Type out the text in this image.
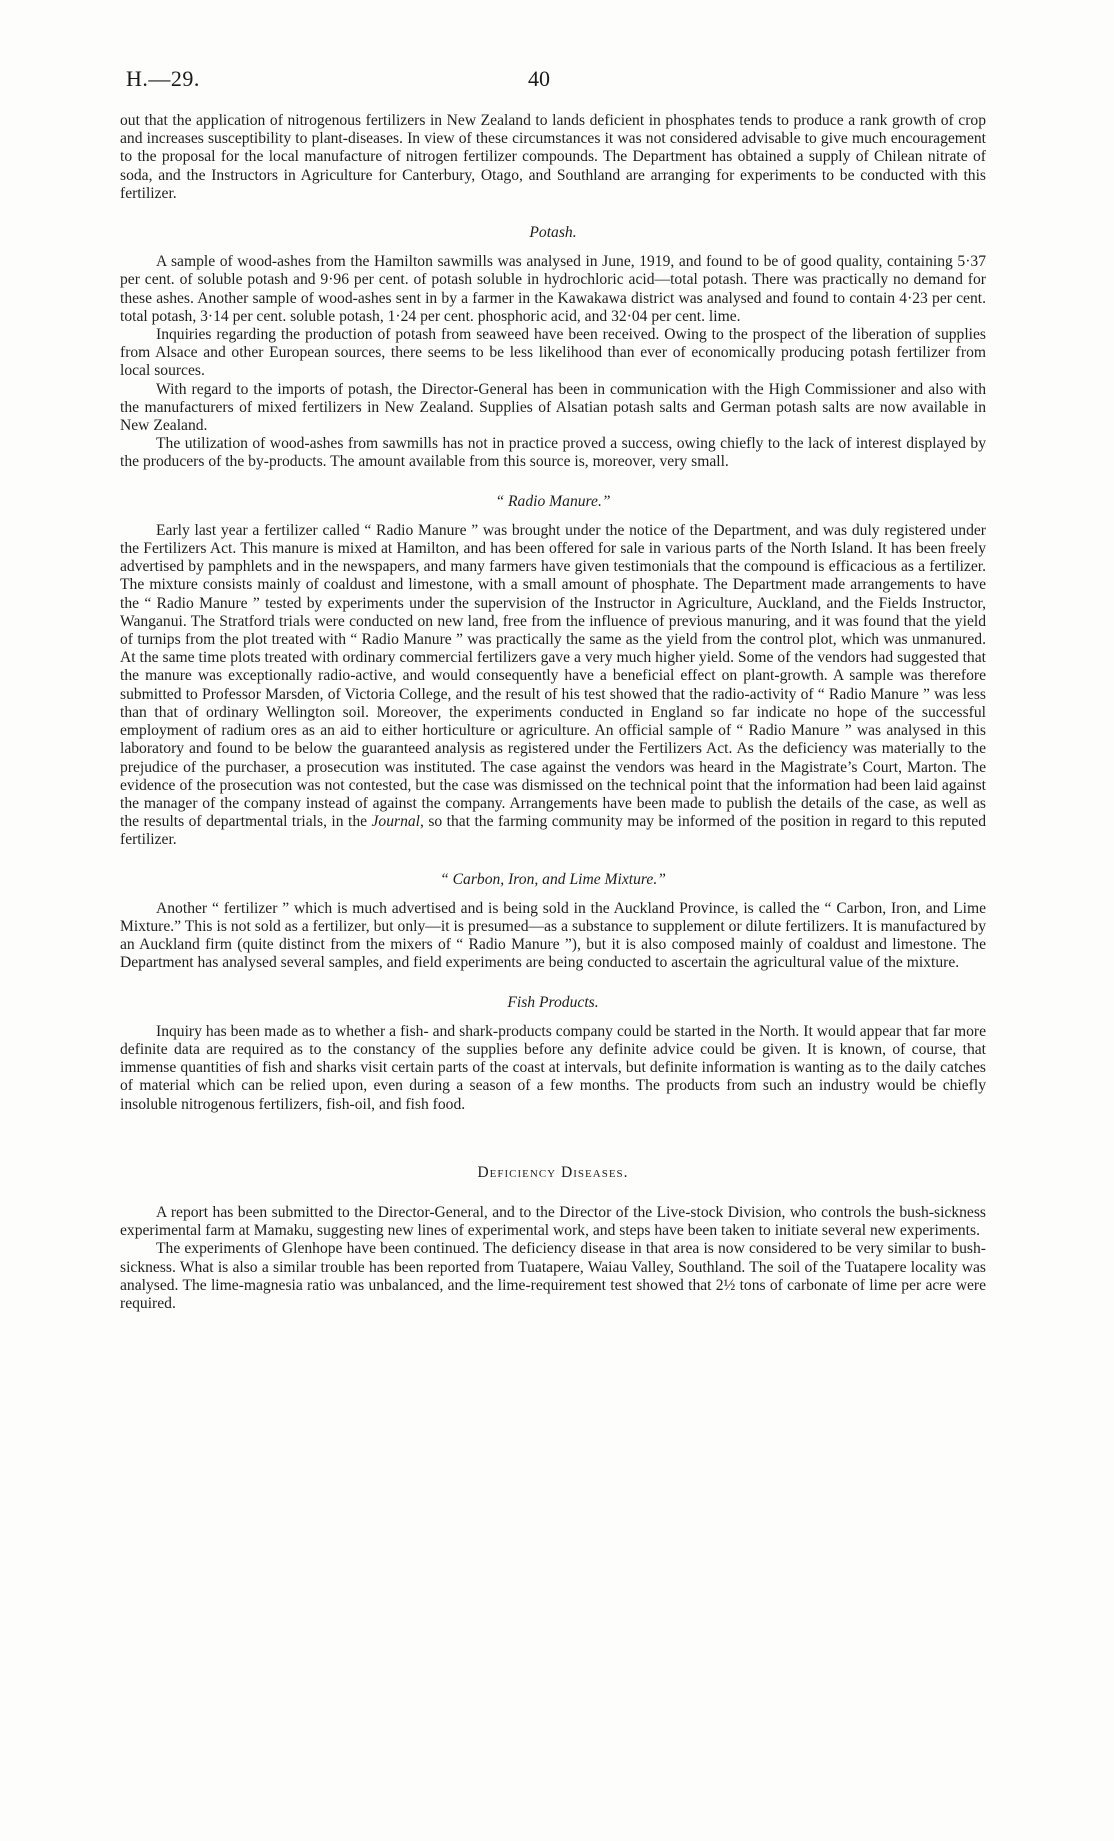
H.—29.	40

out that the application of nitrogenous fertilizers in New Zealand to lands deficient in phosphates tends to produce a rank growth of crop and increases susceptibility to plant-diseases. In view of these circumstances it was not considered advisable to give much encouragement to the proposal for the local manufacture of nitrogen fertilizer compounds. The Department has obtained a supply of Chilean nitrate of soda, and the Instructors in Agriculture for Canterbury, Otago, and Southland are arranging for experiments to be conducted with this fertilizer.

Potash.

A sample of wood-ashes from the Hamilton sawmills was analysed in June, 1919, and found to be of good quality, containing 5·37 per cent. of soluble potash and 9·96 per cent. of potash soluble in hydrochloric acid—total potash. There was practically no demand for these ashes. Another sample of wood-ashes sent in by a farmer in the Kawakawa district was analysed and found to contain 4·23 per cent. total potash, 3·14 per cent. soluble potash, 1·24 per cent. phosphoric acid, and 32·04 per cent. lime.

Inquiries regarding the production of potash from seaweed have been received. Owing to the prospect of the liberation of supplies from Alsace and other European sources, there seems to be less likelihood than ever of economically producing potash fertilizer from local sources.

With regard to the imports of potash, the Director-General has been in communication with the High Commissioner and also with the manufacturers of mixed fertilizers in New Zealand. Supplies of Alsatian potash salts and German potash salts are now available in New Zealand.

The utilization of wood-ashes from sawmills has not in practice proved a success, owing chiefly to the lack of interest displayed by the producers of the by-products. The amount available from this source is, moreover, very small.

“ Radio Manure.”

Early last year a fertilizer called “ Radio Manure ” was brought under the notice of the Department, and was duly registered under the Fertilizers Act. This manure is mixed at Hamilton, and has been offered for sale in various parts of the North Island. It has been freely advertised by pamphlets and in the newspapers, and many farmers have given testimonials that the compound is efficacious as a fertilizer. The mixture consists mainly of coaldust and limestone, with a small amount of phosphate. The Department made arrangements to have the “ Radio Manure ” tested by experiments under the supervision of the Instructor in Agriculture, Auckland, and the Fields Instructor, Wanganui. The Stratford trials were conducted on new land, free from the influence of previous manuring, and it was found that the yield of turnips from the plot treated with “ Radio Manure ” was practically the same as the yield from the control plot, which was unmanured. At the same time plots treated with ordinary commercial fertilizers gave a very much higher yield. Some of the vendors had suggested that the manure was exceptionally radio-active, and would consequently have a beneficial effect on plant-growth. A sample was therefore submitted to Professor Marsden, of Victoria College, and the result of his test showed that the radio-activity of “ Radio Manure ” was less than that of ordinary Wellington soil. Moreover, the experiments conducted in England so far indicate no hope of the successful employment of radium ores as an aid to either horticulture or agriculture. An official sample of “ Radio Manure ” was analysed in this laboratory and found to be below the guaranteed analysis as registered under the Fertilizers Act. As the deficiency was materially to the prejudice of the purchaser, a prosecution was instituted. The case against the vendors was heard in the Magistrate’s Court, Marton. The evidence of the prosecution was not contested, but the case was dismissed on the technical point that the information had been laid against the manager of the company instead of against the company. Arrangements have been made to publish the details of the case, as well as the results of departmental trials, in the Journal, so that the farming community may be informed of the position in regard to this reputed fertilizer.

“ Carbon, Iron, and Lime Mixture.”

Another “ fertilizer ” which is much advertised and is being sold in the Auckland Province, is called the “ Carbon, Iron, and Lime Mixture.” This is not sold as a fertilizer, but only—it is presumed—as a substance to supplement or dilute fertilizers. It is manufactured by an Auckland firm (quite distinct from the mixers of “ Radio Manure ”), but it is also composed mainly of coaldust and limestone. The Department has analysed several samples, and field experiments are being conducted to ascertain the agricultural value of the mixture.

Fish Products.

Inquiry has been made as to whether a fish- and shark-products company could be started in the North. It would appear that far more definite data are required as to the constancy of the supplies before any definite advice could be given. It is known, of course, that immense quantities of fish and sharks visit certain parts of the coast at intervals, but definite information is wanting as to the daily catches of material which can be relied upon, even during a season of a few months. The products from such an industry would be chiefly insoluble nitrogenous fertilizers, fish-oil, and fish food.

Deficiency Diseases.

A report has been submitted to the Director-General, and to the Director of the Live-stock Division, who controls the bush-sickness experimental farm at Mamaku, suggesting new lines of experimental work, and steps have been taken to initiate several new experiments.

The experiments of Glenhope have been continued. The deficiency disease in that area is now considered to be very similar to bush-sickness. What is also a similar trouble has been reported from Tuatapere, Waiau Valley, Southland. The soil of the Tuatapere locality was analysed. The lime-magnesia ratio was unbalanced, and the lime-requirement test showed that 2½ tons of carbonate of lime per acre were required.
